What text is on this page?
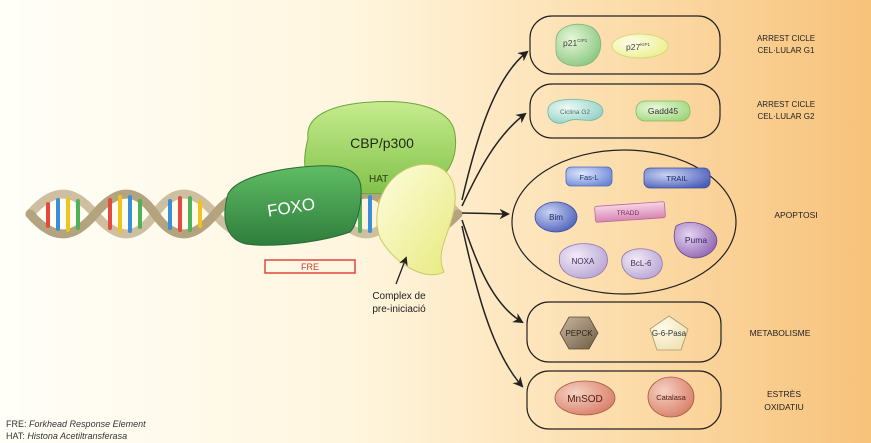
FRE
CBP/p300
HAT
FOXO
Complex de
pre-iniciació
$p21^{CIP1}$
$p27^{KIP1}$
ARREST CICLE
CEL·LULAR G1
Ciclina G2	Gadd45
ARREST CICLE
CEL·LULAR G2
Fas-L	TRAIL
Bim	TRADD
Puma
NOXA	BcL-6
APOPTOSI
PEPCK	G-6-Pasa	METABOLISME
MnSOD	Catalasa	ESTRÈS
OXIDATIU
FRE: Forkhead Response Element
HAT: Histona Acetiltransferasa
